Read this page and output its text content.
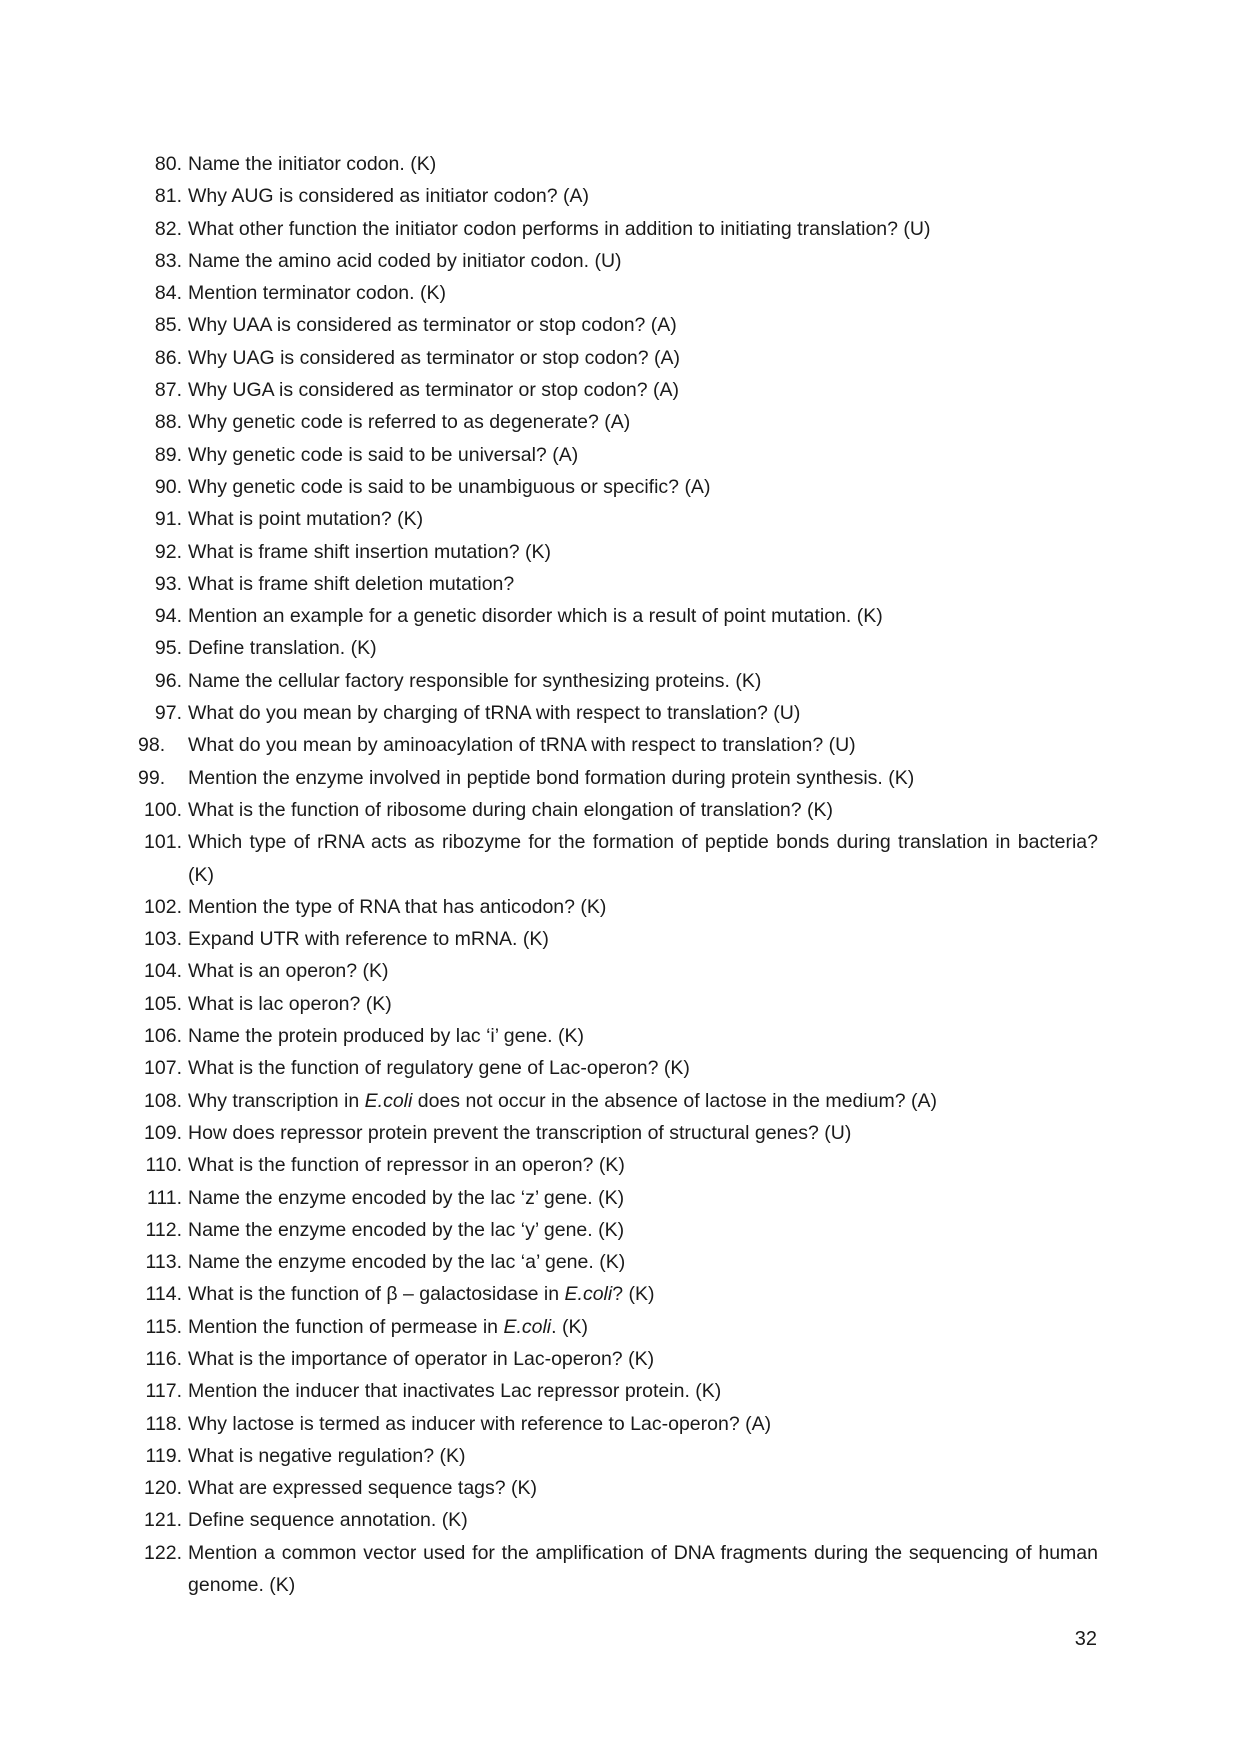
80. Name the initiator codon. (K)
81. Why AUG is considered as initiator codon? (A)
82. What other function the initiator codon performs in addition to initiating translation? (U)
83. Name the amino acid coded by initiator codon. (U)
84. Mention terminator codon. (K)
85. Why UAA is considered as terminator or stop codon? (A)
86. Why UAG is considered as terminator or stop codon? (A)
87. Why UGA is considered as terminator or stop codon? (A)
88. Why genetic code is referred to as degenerate? (A)
89. Why genetic code is said to be universal? (A)
90. Why genetic code is said to be unambiguous or specific? (A)
91. What is point mutation? (K)
92. What is frame shift insertion mutation? (K)
93. What is frame shift deletion mutation?
94. Mention an example for a genetic disorder which is a result of point mutation. (K)
95. Define translation. (K)
96. Name the cellular factory responsible for synthesizing proteins. (K)
97. What do you mean by charging of tRNA with respect to translation? (U)
98.	What do you mean by aminoacylation of tRNA with respect to translation? (U)
99.	Mention the enzyme involved in peptide bond formation during protein synthesis. (K)
100. What is the function of ribosome during chain elongation of translation? (K)
101. Which type of rRNA acts as ribozyme for the formation of peptide bonds during translation in bacteria? (K)
102. Mention the type of RNA that has anticodon? (K)
103. Expand UTR with reference to mRNA. (K)
104. What is an operon? (K)
105. What is lac operon? (K)
106. Name the protein produced by lac ‘i’ gene. (K)
107. What is the function of regulatory gene of Lac-operon? (K)
108. Why transcription in E.coli does not occur in the absence of lactose in the medium? (A)
109. How does repressor protein prevent the transcription of structural genes? (U)
110. What is the function of repressor in an operon? (K)
111. Name the enzyme encoded by the lac ‘z’ gene. (K)
112. Name the enzyme encoded by the lac ‘y’ gene. (K)
113. Name the enzyme encoded by the lac ‘a’ gene. (K)
114. What is the function of β – galactosidase in E.coli? (K)
115. Mention the function of permease in E.coli. (K)
116. What is the importance of operator in Lac-operon? (K)
117. Mention the inducer that inactivates Lac repressor protein. (K)
118. Why lactose is termed as inducer with reference to Lac-operon? (A)
119. What is negative regulation? (K)
120. What are expressed sequence tags? (K)
121. Define sequence annotation. (K)
122. Mention a common vector used for the amplification of DNA fragments during the sequencing of human genome. (K)
32
